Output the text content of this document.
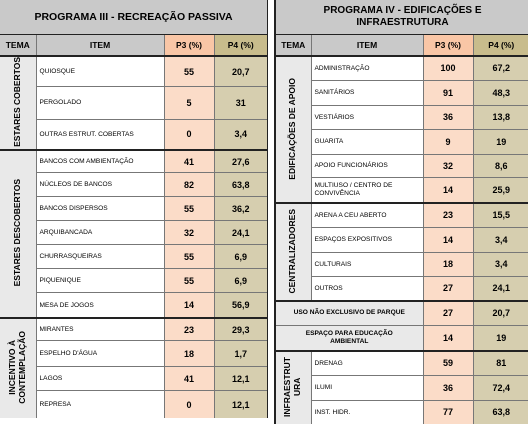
PROGRAMA III - RECREAÇÃO PASSIVA			
TEMA	ITEM	P3 (%)	P4 (%)
ESTARES COBERTOS	QUIOSQUE	55	20,7
	PERGOLADO	5	31
	OUTRAS ESTRUT. COBERTAS	0	3,4
ESTARES DESCOBERTOS	BANCOS COM AMBIENTAÇÃO	41	27,6
	NÚCLEOS DE BANCOS	82	63,8
	BANCOS DISPERSOS	55	36,2
	ARQUIBANCADA	32	24,1
	CHURRASQUEIRAS	55	6,9
	PIQUENIQUE	55	6,9
	MESA DE JOGOS	14	56,9
INCENTIVO À
CONTEMPLAÇÃO	MIRANTES	23	29,3
	ESPELHO D'ÁGUA	18	1,7
	LAGOS	41	12,1
	REPRESA	0	12,1
PROGRAMA IV - EDIFICAÇÕES E
INFRAESTRUTURA			
TEMA	ITEM	P3 (%)	P4 (%)
EDIFICAÇÕES DE APOIO	ADMINISTRAÇÃO	100	67,2
	SANITÁRIOS	91	48,3
	VESTIÁRIOS	36	13,8
	GUARITA	9	19
	APOIO FUNCIONÁRIOS	32	8,6
	MULTIUSO / CENTRO DE
CONVIVÊNCIA	14	25,9
CENTRALIZADORES	ARENA A CEU ABERTO	23	15,5
	ESPAÇOS EXPOSITIVOS	14	3,4
	CULTURAIS	18	3,4
	OUTROS	27	24,1
USO NÃO EXCLUSIVO DE PARQUE		27	20,7
ESPAÇO PARA EDUCAÇÃO
AMBIENTAL		14	19
INFRAESTRUT
URA	DRENAG	59	81
	ILUMI	36	72,4
	INST. HIDR.	77	63,8
